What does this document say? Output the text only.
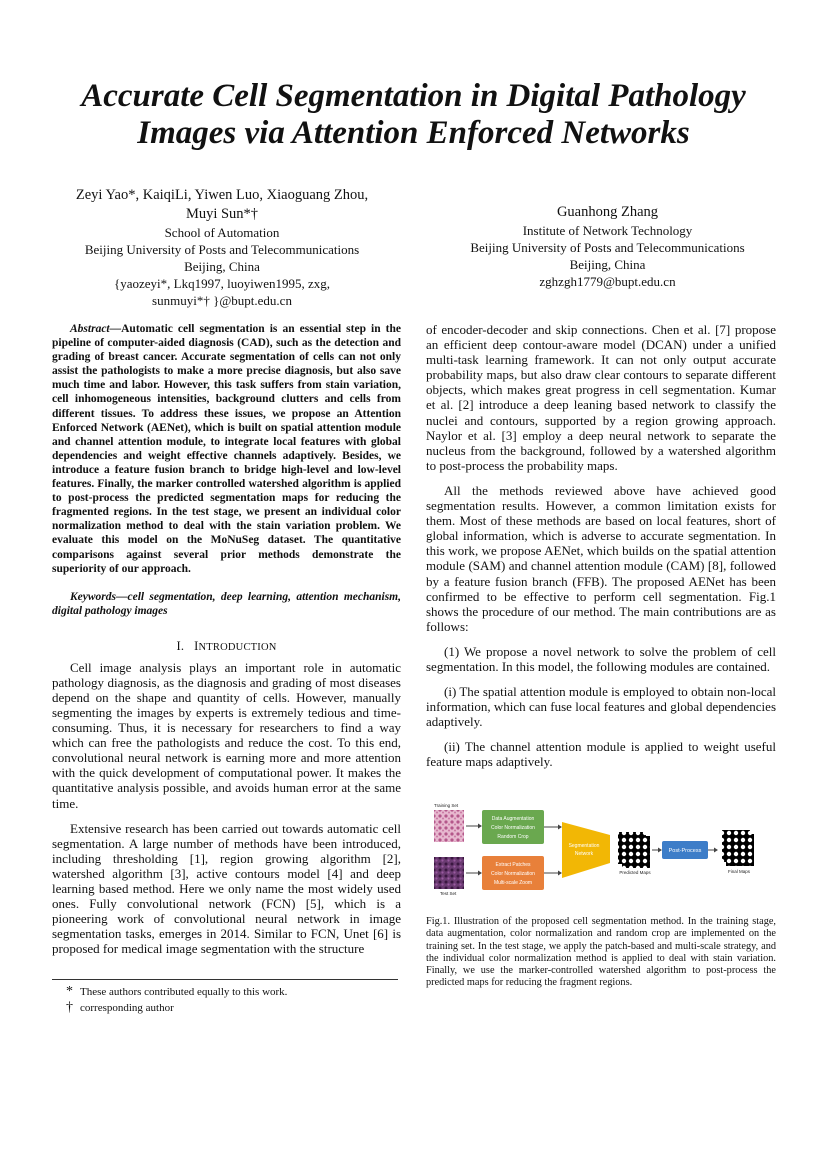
Accurate Cell Segmentation in Digital Pathology
Images via Attention Enforced Networks
Zeyi Yao*, KaiqiLi, Yiwen Luo, Xiaoguang Zhou,
Muyi Sun*†
School of Automation
Beijing University of Posts and Telecommunications
Beijing, China
{yaozeyi*, Lkq1997, luoyiwen1995, zxg,
sunmuyi*† }@bupt.edu.cn
Guanhong Zhang
Institute of Network Technology
Beijing University of Posts and Telecommunications
Beijing, China
zghzgh1779@bupt.edu.cn

Abstract—Automatic cell segmentation is an essential step in the pipeline of computer-aided diagnosis (CAD), such as the detection and grading of breast cancer. Accurate segmentation of cells can not only assist the pathologists to make a more precise diagnosis, but also save much time and labor. However, this task suffers from stain variation, cell inhomogeneous intensities, background clutters and cells from different tissues. To address these issues, we propose an Attention Enforced Network (AENet), which is built on spatial attention module and channel attention module, to integrate local features with global dependencies and weight effective channels adaptively. Besides, we introduce a feature fusion branch to bridge high-level and low-level features. Finally, the marker controlled watershed algorithm is applied to post-process the predicted segmentation maps for reducing the fragmented regions. In the test stage, we present an individual color normalization method to deal with the stain variation problem. We evaluate this model on the MoNuSeg dataset. The quantitative comparisons against several prior methods demonstrate the superiority of our approach.

Keywords—cell segmentation, deep learning, attention mechanism, digital pathology images

I. INTRODUCTION

Cell image analysis plays an important role in automatic pathology diagnosis, as the diagnosis and grading of most diseases depend on the shape and quantity of cells. However, manually segmenting the images by experts is extremely tedious and time-consuming. Thus, it is necessary for researchers to find a way which can free the pathologists and reduce the cost. To this end, convolutional neural network is earning more and more attention with the quick development of computational power. It makes the quantitative analysis possible, and avoids human error at the same time.

Extensive research has been carried out towards automatic cell segmentation. A large number of methods have been introduced, including thresholding [1], region growing algorithm [2], watershed algorithm [3], active contours model [4] and deep learning based method. Here we only name the most widely used ones. Fully convolutional network (FCN) [5], which is a pioneering work of convolutional neural network in image segmentation tasks, emerges in 2014. Similar to FCN, Unet [6] is proposed for medical image segmentation with the structure

* These authors contributed equally to this work.
† corresponding author

of encoder-decoder and skip connections. Chen et al. [7] propose an efficient deep contour-aware model (DCAN) under a unified multi-task learning framework. It can not only output accurate probability maps, but also draw clear contours to separate different objects, which makes great progress in cell segmentation. Kumar et al. [2] introduce a deep leaning based network to classify the nuclei and contours, supported by a region growing approach. Naylor et al. [3] employ a deep neural network to separate the nucleus from the background, followed by a watershed algorithm to post-process the probability maps.

All the methods reviewed above have achieved good segmentation results. However, a common limitation exists for them. Most of these methods are based on local features, short of global information, which is adverse to accurate segmentation. In this work, we propose AENet, which builds on the spatial attention module (SAM) and channel attention module (CAM) [8], followed by a feature fusion branch (FFB). The proposed AENet has been confirmed to be effective to perform cell segmentation. Fig.1 shows the procedure of our method. The main contributions are as follows:

(1) We propose a novel network to solve the problem of cell segmentation. In this model, the following modules are contained.

(i) The spatial attention module is employed to obtain non-local information, which can fuse local features and global dependencies adaptively.

(ii) The channel attention module is applied to weight useful feature maps adaptively.

Training Set
Test Set
Data Augmentation
Color Normalization
Random Crop
Extract Patches
Color Normalization
Multi-scale Zoom
Segmentation
Network
Predicted Maps
Post-Process
Final Maps

Fig.1. Illustration of the proposed cell segmentation method. In the training stage, data augmentation, color normalization and random crop are implemented on the training set. In the test stage, we apply the patch-based and multi-scale strategy, and the individual color normalization method is applied to deal with stain variation. Finally, we use the marker-controlled watershed algorithm to post-process the predicted maps for reducing the fragment regions.
